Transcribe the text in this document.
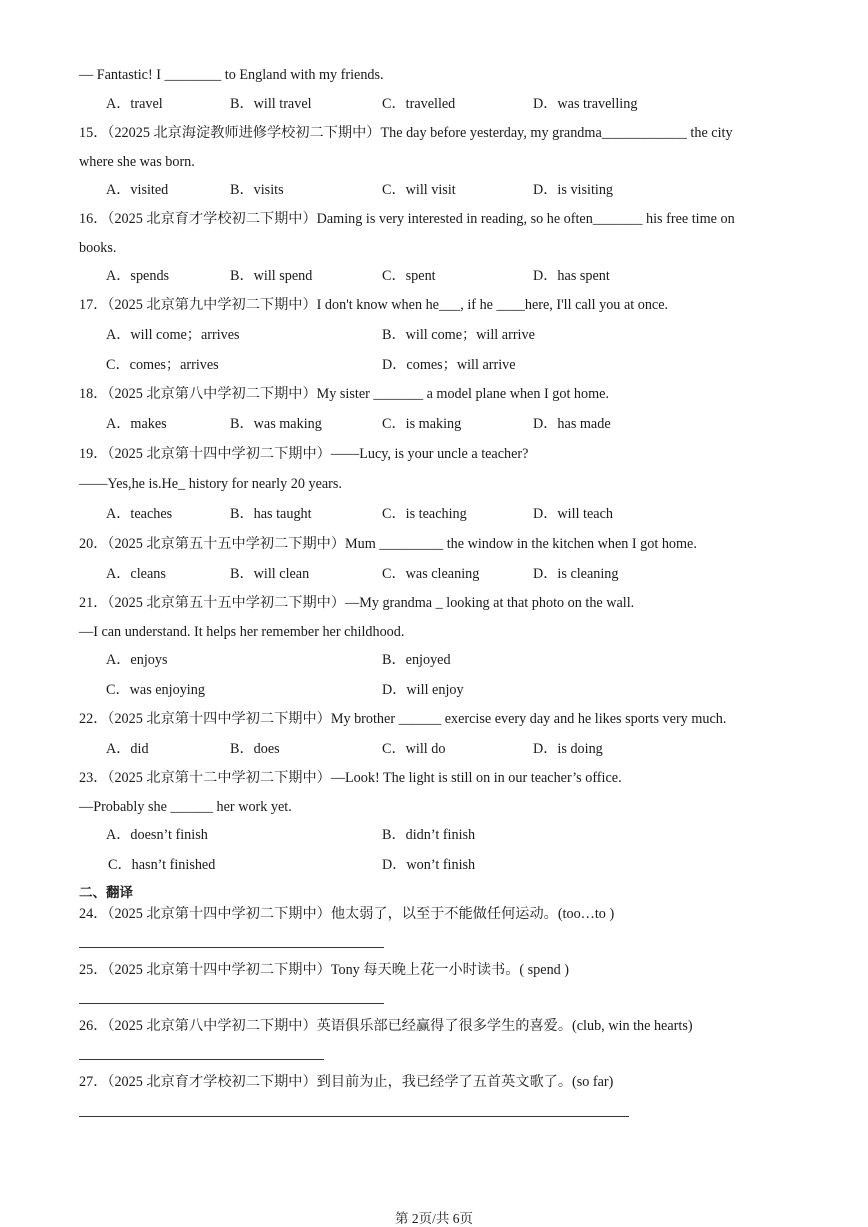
— Fantastic! I ________ to England with my friends.
A．travel	B．will travel	C．travelled	D．was travelling
15．（22025 北京海淀教师进修学校初二下期中）The day before yesterday, my grandma____________ the city
where she was born.
A．visited	B．visits	C．will visit	D．is visiting
16．（2025 北京育才学校初二下期中）Daming is very interested in reading, so he often_______ his free time on
books.
A．spends	B．will spend	C．spent	D．has spent
17．（2025 北京第九中学初二下期中）I don't know when he___, if he ____here, I'll call you at once.
A．will come；arrives	B．will come；will arrive
C．comes；arrives	D．comes；will arrive
18．（2025 北京第八中学初二下期中）My sister _______ a model plane when I got home.
A．makes	B．was making	C．is making	D．has made
19．（2025 北京第十四中学初二下期中）——Lucy, is your uncle a teacher?
——Yes,he is.He_ history for nearly 20 years.
A．teaches	B．has taught	C．is teaching	D．will teach
20．（2025 北京第五十五中学初二下期中）Mum _________ the window in the kitchen when I got home.
A．cleans	B．will clean	C．was cleaning	D．is cleaning
21．（2025 北京第五十五中学初二下期中）—My grandma _ looking at that photo on the wall.
—I can understand. It helps her remember her childhood.
A．enjoys	B．enjoyed
C．was enjoying	D．will enjoy
22．（2025 北京第十四中学初二下期中）My brother ______ exercise every day and he likes sports very much.
A．did	B．does	C．will do	D．is doing
23．（2025 北京第十二中学初二下期中）—Look! The light is still on in our teacher’s office.
—Probably she ______ her work yet.
A．doesn’t finish	B．didn’t finish
C．hasn’t finished	D．won’t finish
二、翻译
24．（2025 北京第十四中学初二下期中）他太弱了，以至于不能做任何运动。(too…to )
25．（2025 北京第十四中学初二下期中）Tony 每天晚上花一小时读书。( spend )
26．（2025 北京第八中学初二下期中）英语俱乐部已经赢得了很多学生的喜爱。(club, win the hearts)
27．（2025 北京育才学校初二下期中）到目前为止，我已经学了五首英文歌了。(so far)
第 2页/共 6页
